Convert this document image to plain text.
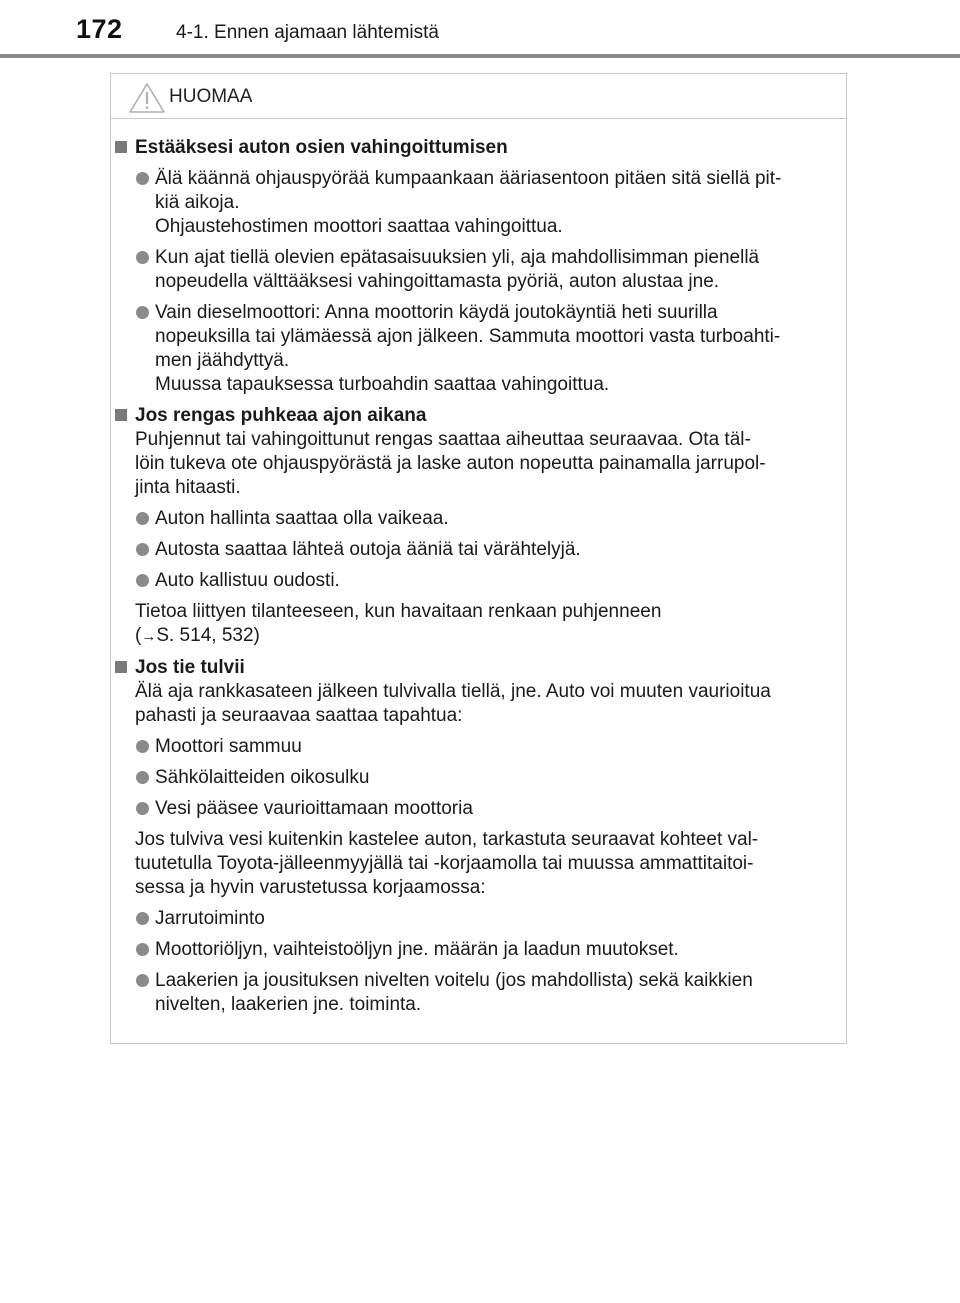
172	4-1. Ennen ajamaan lähtemistä
HUOMAA
Estääksesi auton osien vahingoittumisen
Älä käännä ohjauspyörää kumpaankaan ääriasentoon pitäen sitä siellä pit-
kiä aikoja.
Ohjaustehostimen moottori saattaa vahingoittua.
Kun ajat tiellä olevien epätasaisuuksien yli, aja mahdollisimman pienellä
nopeudella välttääksesi vahingoittamasta pyöriä, auton alustaa jne.
Vain dieselmoottori: Anna moottorin käydä joutokäyntiä heti suurilla
nopeuksilla tai ylämäessä ajon jälkeen. Sammuta moottori vasta turboahti-
men jäähdyttyä.
Muussa tapauksessa turboahdin saattaa vahingoittua.
Jos rengas puhkeaa ajon aikana
Puhjennut tai vahingoittunut rengas saattaa aiheuttaa seuraavaa. Ota täl-
löin tukeva ote ohjauspyörästä ja laske auton nopeutta painamalla jarrupol-
jinta hitaasti.
Auton hallinta saattaa olla vaikeaa.
Autosta saattaa lähteä outoja ääniä tai värähtelyjä.
Auto kallistuu oudosti.
Tietoa liittyen tilanteeseen, kun havaitaan renkaan puhjenneen
(→S. 514, 532)
Jos tie tulvii
Älä aja rankkasateen jälkeen tulvivalla tiellä, jne. Auto voi muuten vaurioitua
pahasti ja seuraavaa saattaa tapahtua:
Moottori sammuu
Sähkölaitteiden oikosulku
Vesi pääsee vaurioittamaan moottoria
Jos tulviva vesi kuitenkin kastelee auton, tarkastuta seuraavat kohteet val-
tuutetulla Toyota-jälleenmyyjällä tai -korjaamolla tai muussa ammattitaitoi-
sessa ja hyvin varustetussa korjaamossa:
Jarrutoiminto
Moottoriöljyn, vaihteistoöljyn jne. määrän ja laadun muutokset.
Laakerien ja jousituksen nivelten voitelu (jos mahdollista) sekä kaikkien
nivelten, laakerien jne. toiminta.
